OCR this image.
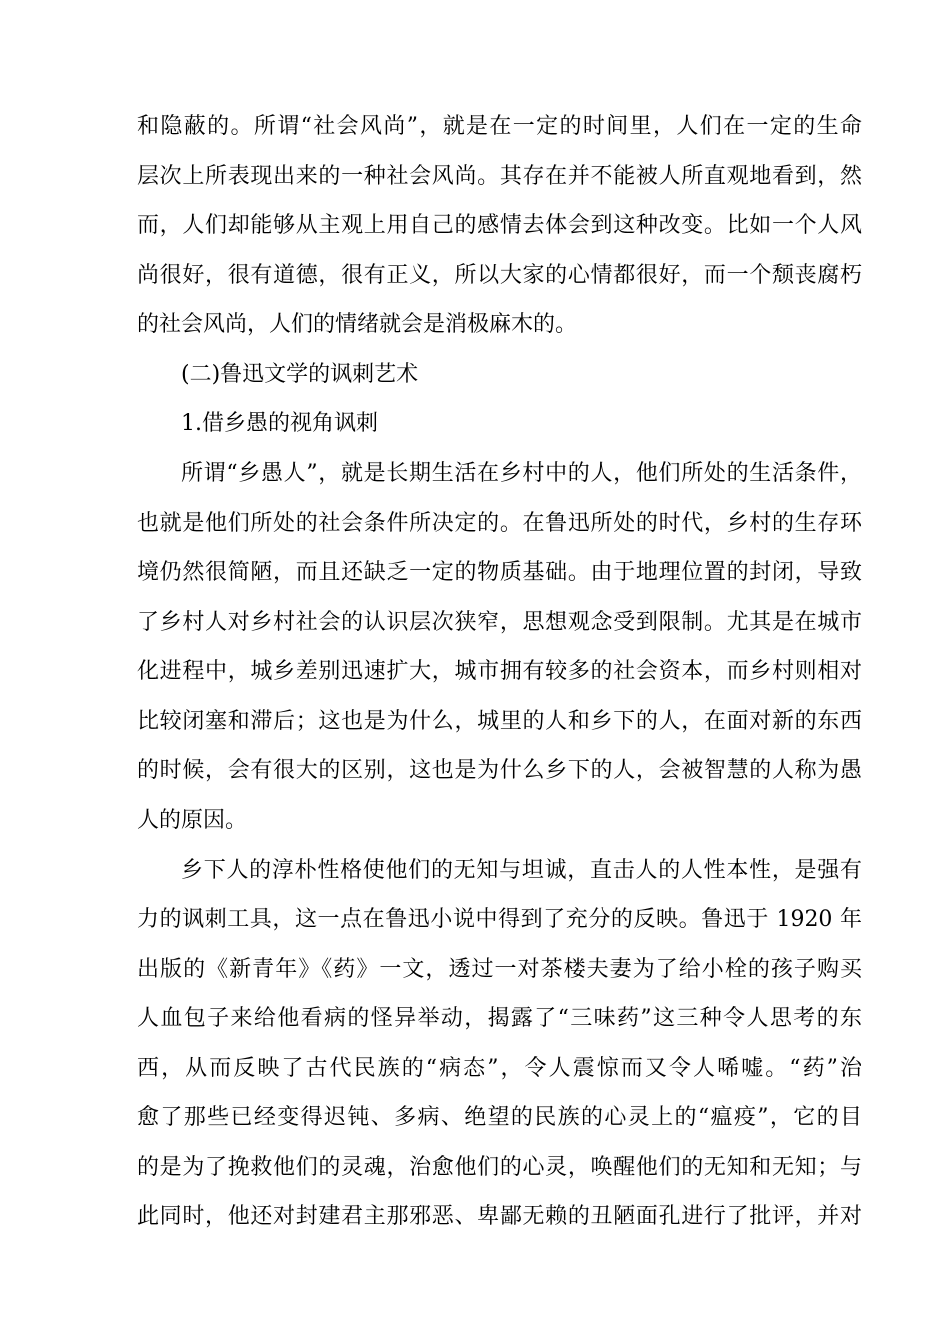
和隐蔽的。所谓“社会风尚”，就是在一定的时间里，人们在一定的生命
层次上所表现出来的一种社会风尚。其存在并不能被人所直观地看到，然
而，人们却能够从主观上用自己的感情去体会到这种改变。比如一个人风
尚很好，很有道德，很有正义，所以大家的心情都很好，而一个颓丧腐朽
的社会风尚，人们的情绪就会是消极麻木的。
(二)鲁迅文学的讽刺艺术
1.借乡愚的视角讽刺
所谓“乡愚人”，就是长期生活在乡村中的人，他们所处的生活条件，
也就是他们所处的社会条件所决定的。在鲁迅所处的时代，乡村的生存环
境仍然很简陋，而且还缺乏一定的物质基础。由于地理位置的封闭，导致
了乡村人对乡村社会的认识层次狭窄，思想观念受到限制。尤其是在城市
化进程中，城乡差别迅速扩大，城市拥有较多的社会资本，而乡村则相对
比较闭塞和滞后；这也是为什么，城里的人和乡下的人，在面对新的东西
的时候，会有很大的区别，这也是为什么乡下的人，会被智慧的人称为愚
人的原因。
乡下人的淳朴性格使他们的无知与坦诚，直击人的人性本性，是强有
力的讽刺工具，这一点在鲁迅小说中得到了充分的反映。鲁迅于 1920 年
出版的《新青年》《药》一文，透过一对茶楼夫妻为了给小栓的孩子购买
人血包子来给他看病的怪异举动，揭露了“三味药”这三种令人思考的东
西，从而反映了古代民族的“病态”，令人震惊而又令人唏嘘。“药”治
愈了那些已经变得迟钝、多病、绝望的民族的心灵上的“瘟疫”，它的目
的是为了挽救他们的灵魂，治愈他们的心灵，唤醒他们的无知和无知；与
此同时，他还对封建君主那邪恶、卑鄙无赖的丑陋面孔进行了批评，并对
